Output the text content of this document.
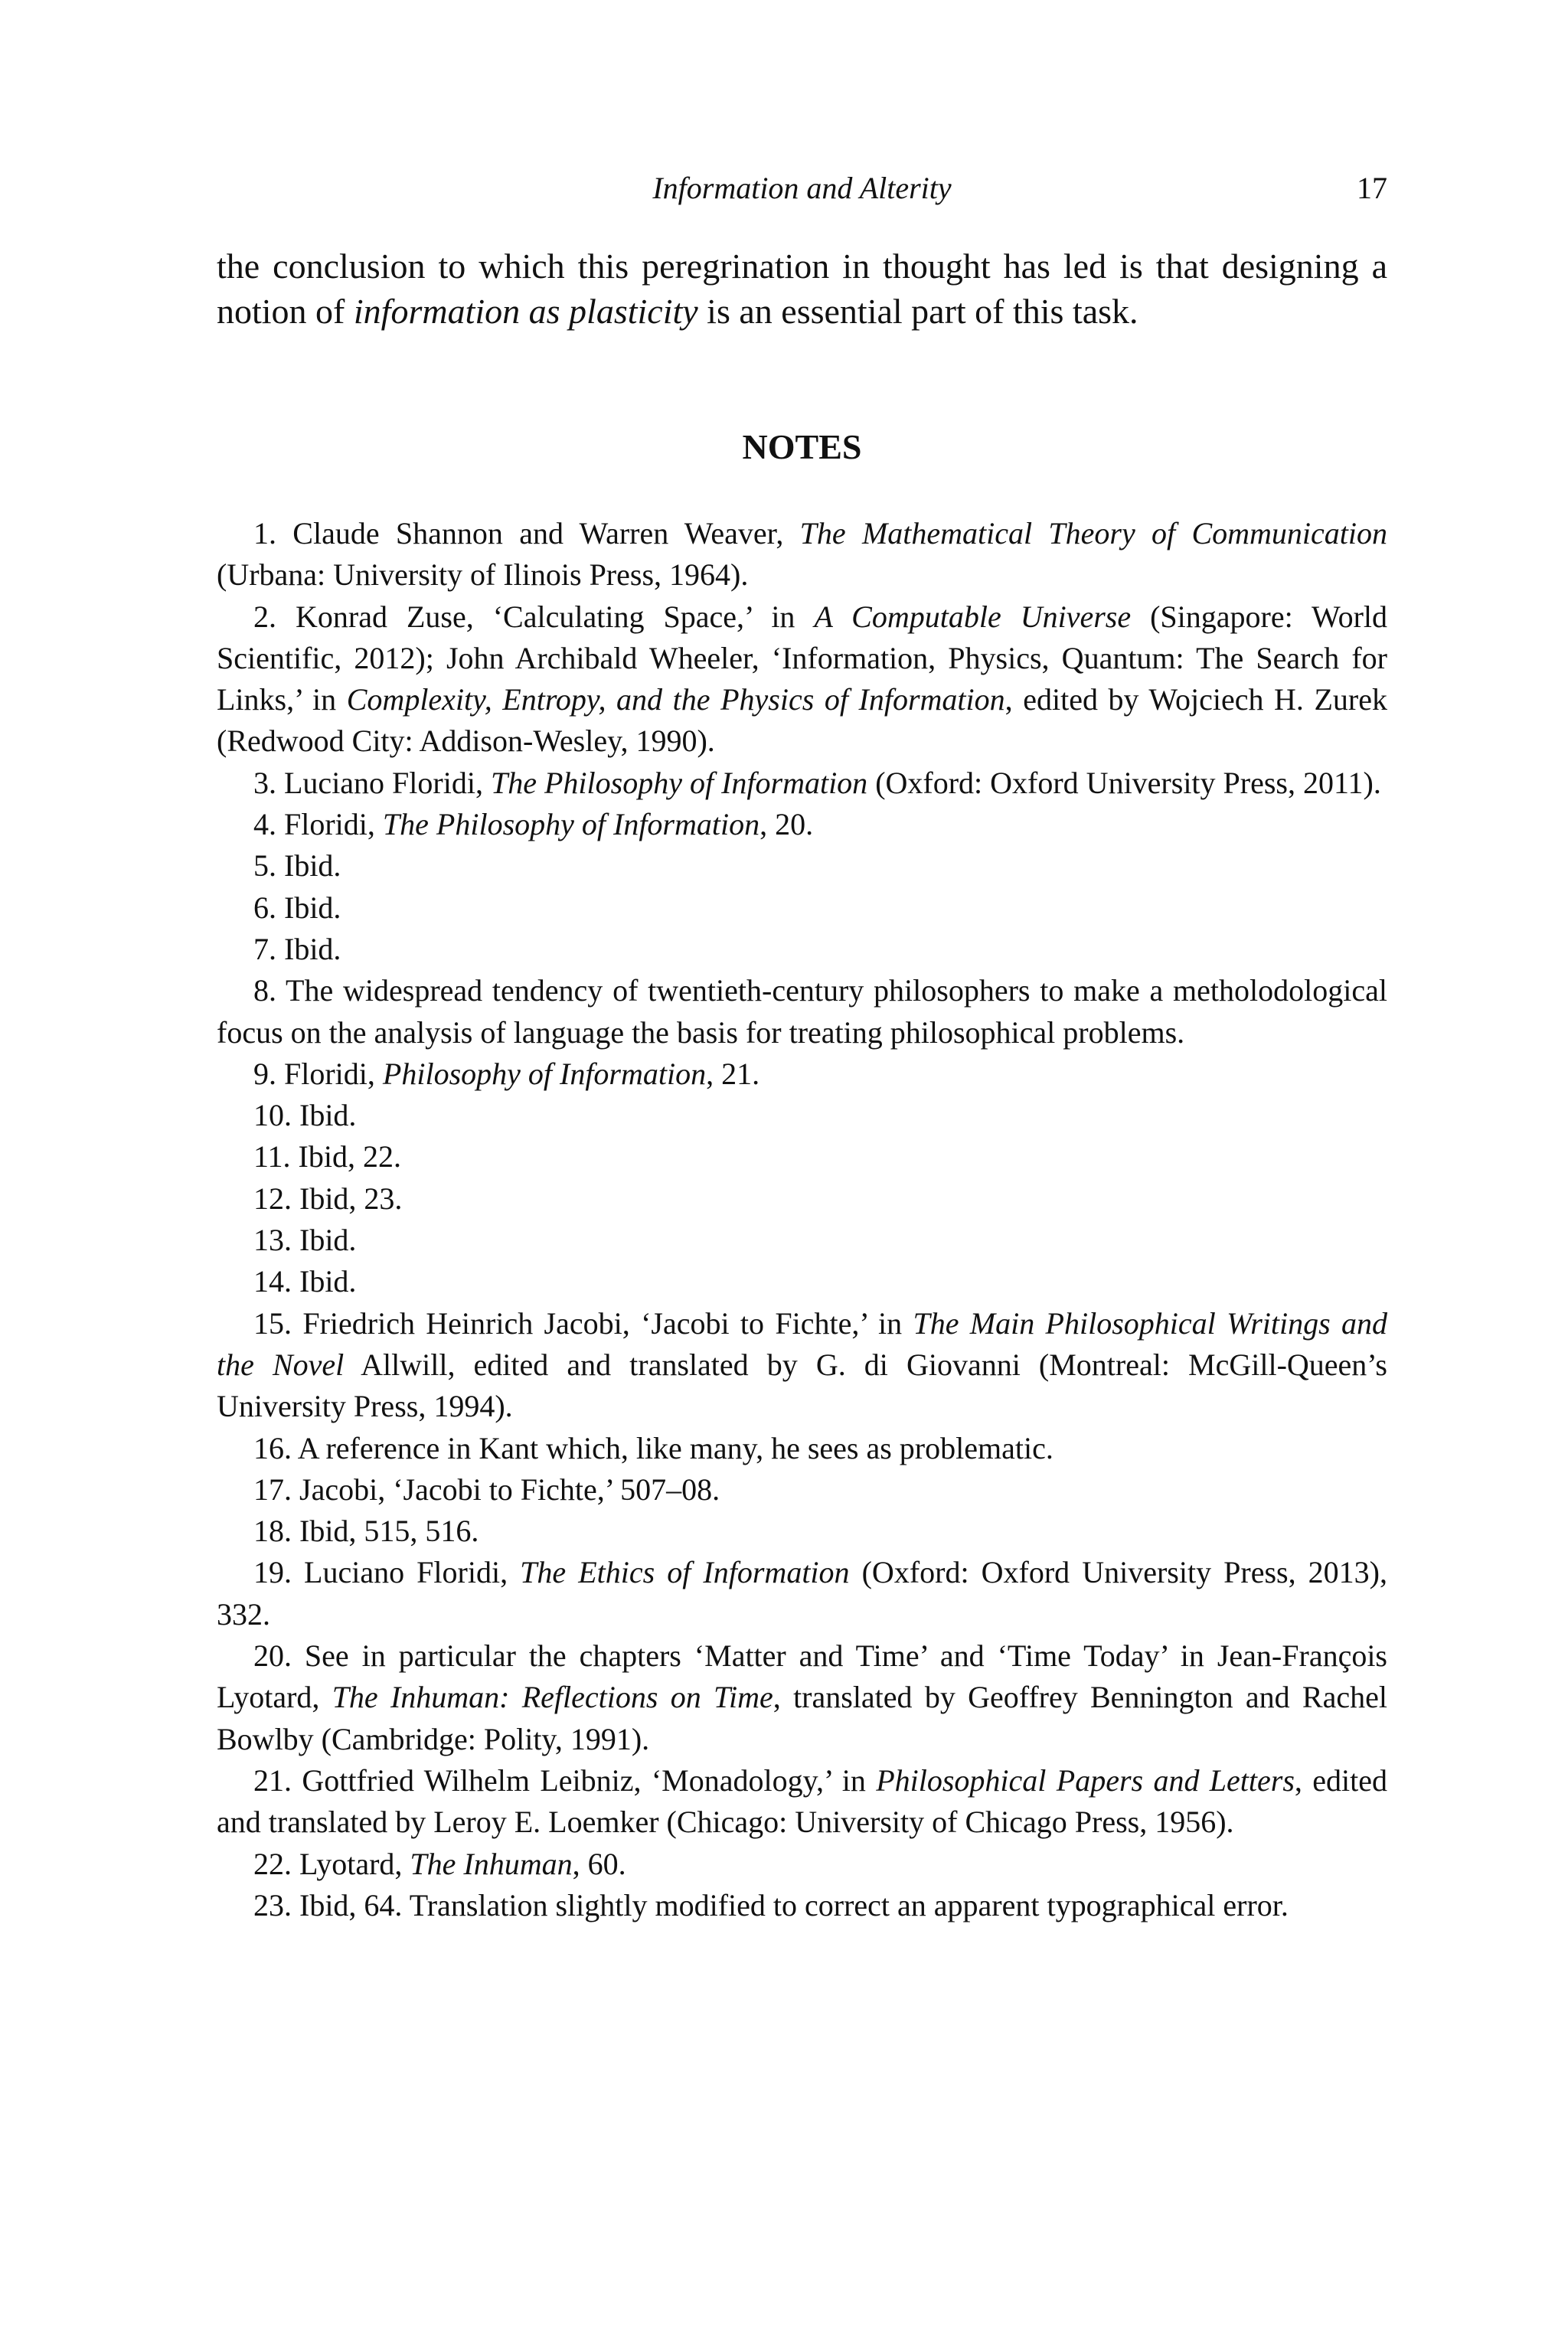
Information and Alterity	17

the conclusion to which this peregrination in thought has led is that designing a notion of information as plasticity is an essential part of this task.

NOTES

1. Claude Shannon and Warren Weaver, The Mathematical Theory of Communication (Urbana: University of Ilinois Press, 1964).

2. Konrad Zuse, ‘Calculating Space,’ in A Computable Universe (Singapore: World Scientific, 2012); John Archibald Wheeler, ‘Information, Physics, Quantum: The Search for Links,’ in Complexity, Entropy, and the Physics of Information, edited by Wojciech H. Zurek (Redwood City: Addison-Wesley, 1990).

3. Luciano Floridi, The Philosophy of Information (Oxford: Oxford University Press, 2011).

4. Floridi, The Philosophy of Information, 20.

5. Ibid.

6. Ibid.

7. Ibid.

8. The widespread tendency of twentieth-century philosophers to make a metholodological focus on the analysis of language the basis for treating philosophical problems.

9. Floridi, Philosophy of Information, 21.

10. Ibid.

11. Ibid, 22.

12. Ibid, 23.

13. Ibid.

14. Ibid.

15. Friedrich Heinrich Jacobi, ‘Jacobi to Fichte,’ in The Main Philosophical Writings and the Novel Allwill, edited and translated by G. di Giovanni (Montreal: McGill-Queen’s University Press, 1994).

16. A reference in Kant which, like many, he sees as problematic.

17. Jacobi, ‘Jacobi to Fichte,’ 507–08.

18. Ibid, 515, 516.

19. Luciano Floridi, The Ethics of Information (Oxford: Oxford University Press, 2013), 332.

20. See in particular the chapters ‘Matter and Time’ and ‘Time Today’ in Jean-François Lyotard, The Inhuman: Reflections on Time, translated by Geoffrey Bennington and Rachel Bowlby (Cambridge: Polity, 1991).

21. Gottfried Wilhelm Leibniz, ‘Monadology,’ in Philosophical Papers and Letters, edited and translated by Leroy E. Loemker (Chicago: University of Chicago Press, 1956).

22. Lyotard, The Inhuman, 60.

23. Ibid, 64. Translation slightly modified to correct an apparent typographical error.
